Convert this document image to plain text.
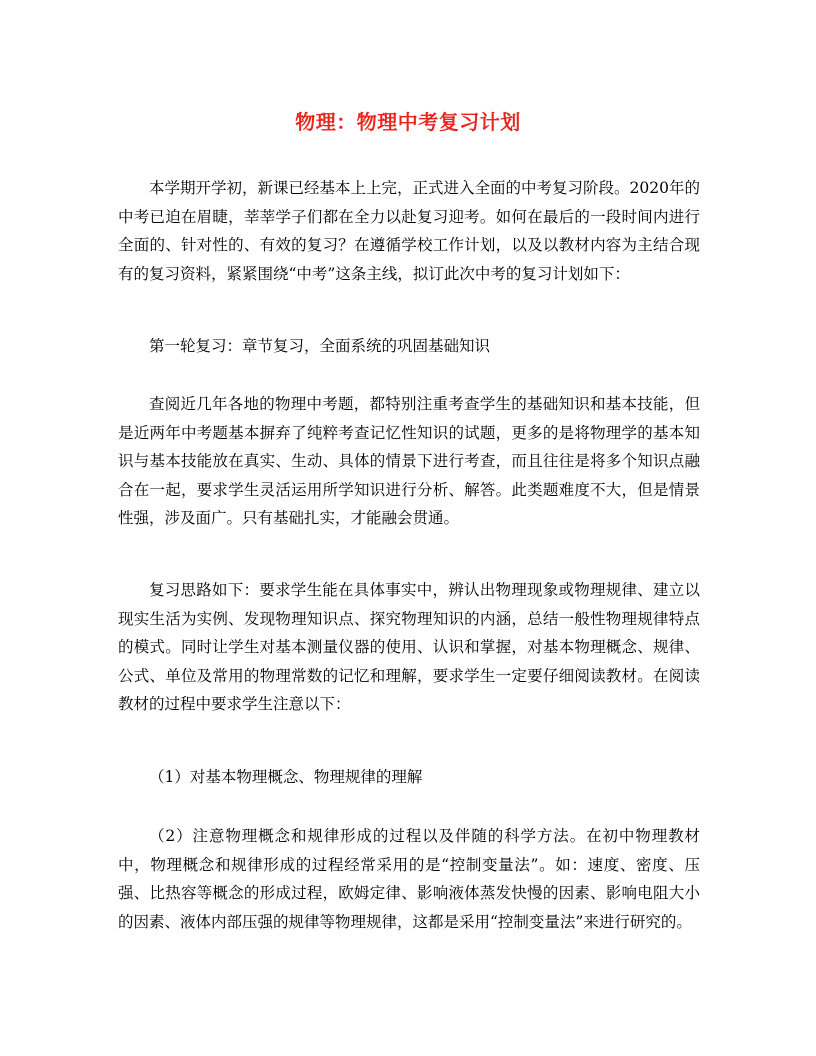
物理：物理中考复习计划

本学期开学初，新课已经基本上上完，正式进入全面的中考复习阶段。2020年的中考已迫在眉睫，莘莘学子们都在全力以赴复习迎考。如何在最后的一段时间内进行全面的、针对性的、有效的复习？在遵循学校工作计划，以及以教材内容为主结合现有的复习资料，紧紧围绕“中考”这条主线，拟订此次中考的复习计划如下：

第一轮复习：章节复习，全面系统的巩固基础知识

查阅近几年各地的物理中考题，都特别注重考查学生的基础知识和基本技能，但是近两年中考题基本摒弃了纯粹考查记忆性知识的试题，更多的是将物理学的基本知识与基本技能放在真实、生动、具体的情景下进行考查，而且往往是将多个知识点融合在一起，要求学生灵活运用所学知识进行分析、解答。此类题难度不大，但是情景性强，涉及面广。只有基础扎实，才能融会贯通。

复习思路如下：要求学生能在具体事实中，辨认出物理现象或物理规律、建立以现实生活为实例、发现物理知识点、探究物理知识的内涵，总结一般性物理规律特点的模式。同时让学生对基本测量仪器的使用、认识和掌握，对基本物理概念、规律、公式、单位及常用的物理常数的记忆和理解，要求学生一定要仔细阅读教材。在阅读教材的过程中要求学生注意以下：

（1）对基本物理概念、物理规律的理解

（2）注意物理概念和规律形成的过程以及伴随的科学方法。在初中物理教材中，物理概念和规律形成的过程经常采用的是“控制变量法”。如：速度、密度、压强、比热容等概念的形成过程，欧姆定律、影响液体蒸发快慢的因素、影响电阻大小的因素、液体内部压强的规律等物理规律，这都是采用“控制变量法”来进行研究的。
